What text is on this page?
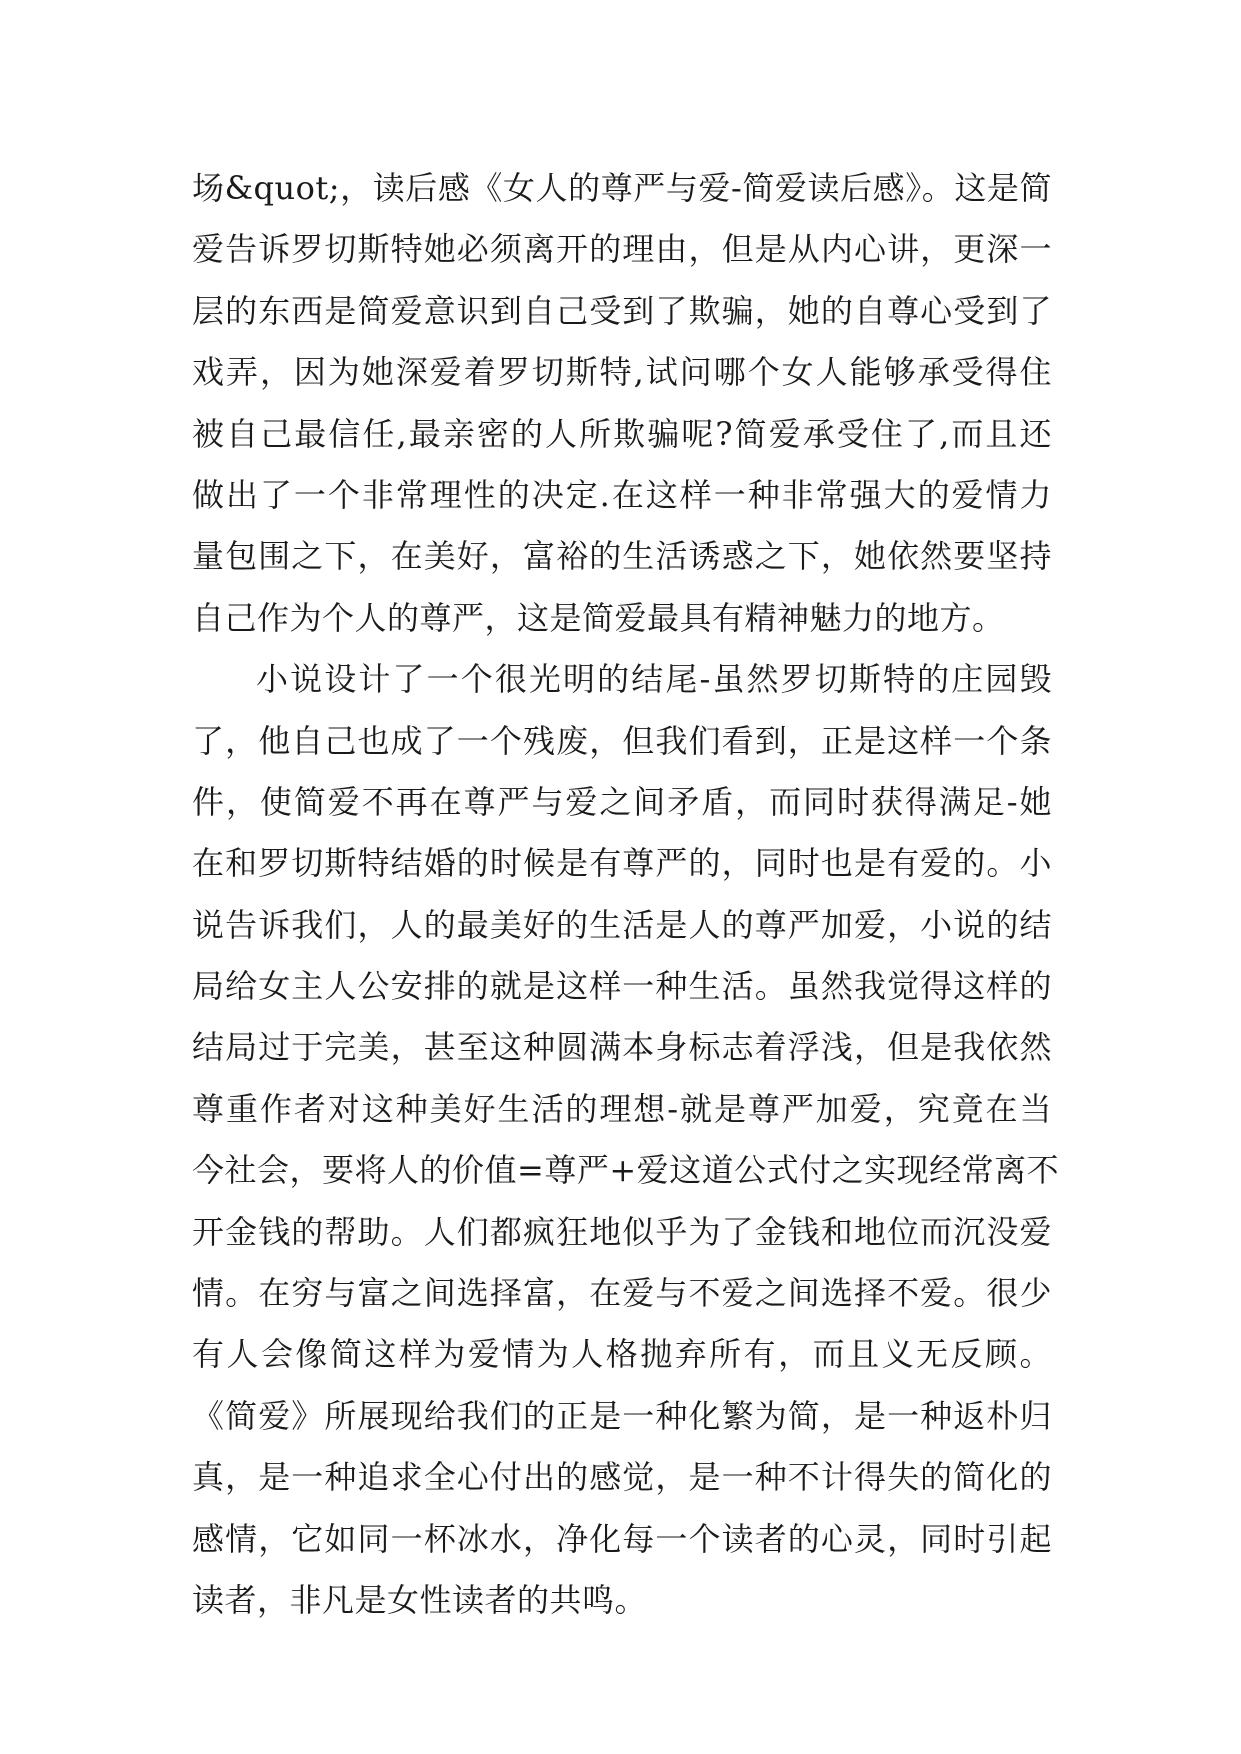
场&quot;，读后感《女人的尊严与爱-简爱读后感》。这是简
爱告诉罗切斯特她必须离开的理由，但是从内心讲，更深一
层的东西是简爱意识到自己受到了欺骗，她的自尊心受到了
戏弄，因为她深爱着罗切斯特,试问哪个女人能够承受得住
被自己最信任,最亲密的人所欺骗呢?简爱承受住了,而且还
做出了一个非常理性的决定.在这样一种非常强大的爱情力
量包围之下，在美好，富裕的生活诱惑之下，她依然要坚持
自己作为个人的尊严，这是简爱最具有精神魅力的地方。
小说设计了一个很光明的结尾-虽然罗切斯特的庄园毁
了，他自己也成了一个残废，但我们看到，正是这样一个条
件，使简爱不再在尊严与爱之间矛盾，而同时获得满足-她
在和罗切斯特结婚的时候是有尊严的，同时也是有爱的。小
说告诉我们，人的最美好的生活是人的尊严加爱，小说的结
局给女主人公安排的就是这样一种生活。虽然我觉得这样的
结局过于完美，甚至这种圆满本身标志着浮浅，但是我依然
尊重作者对这种美好生活的理想-就是尊严加爱，究竟在当
今社会，要将人的价值=尊严+爱这道公式付之实现经常离不
开金钱的帮助。人们都疯狂地似乎为了金钱和地位而沉没爱
情。在穷与富之间选择富，在爱与不爱之间选择不爱。很少
有人会像简这样为爱情为人格抛弃所有，而且义无反顾。
《简爱》所展现给我们的正是一种化繁为简，是一种返朴归
真，是一种追求全心付出的感觉，是一种不计得失的简化的
感情，它如同一杯冰水，净化每一个读者的心灵，同时引起
读者，非凡是女性读者的共鸣。
